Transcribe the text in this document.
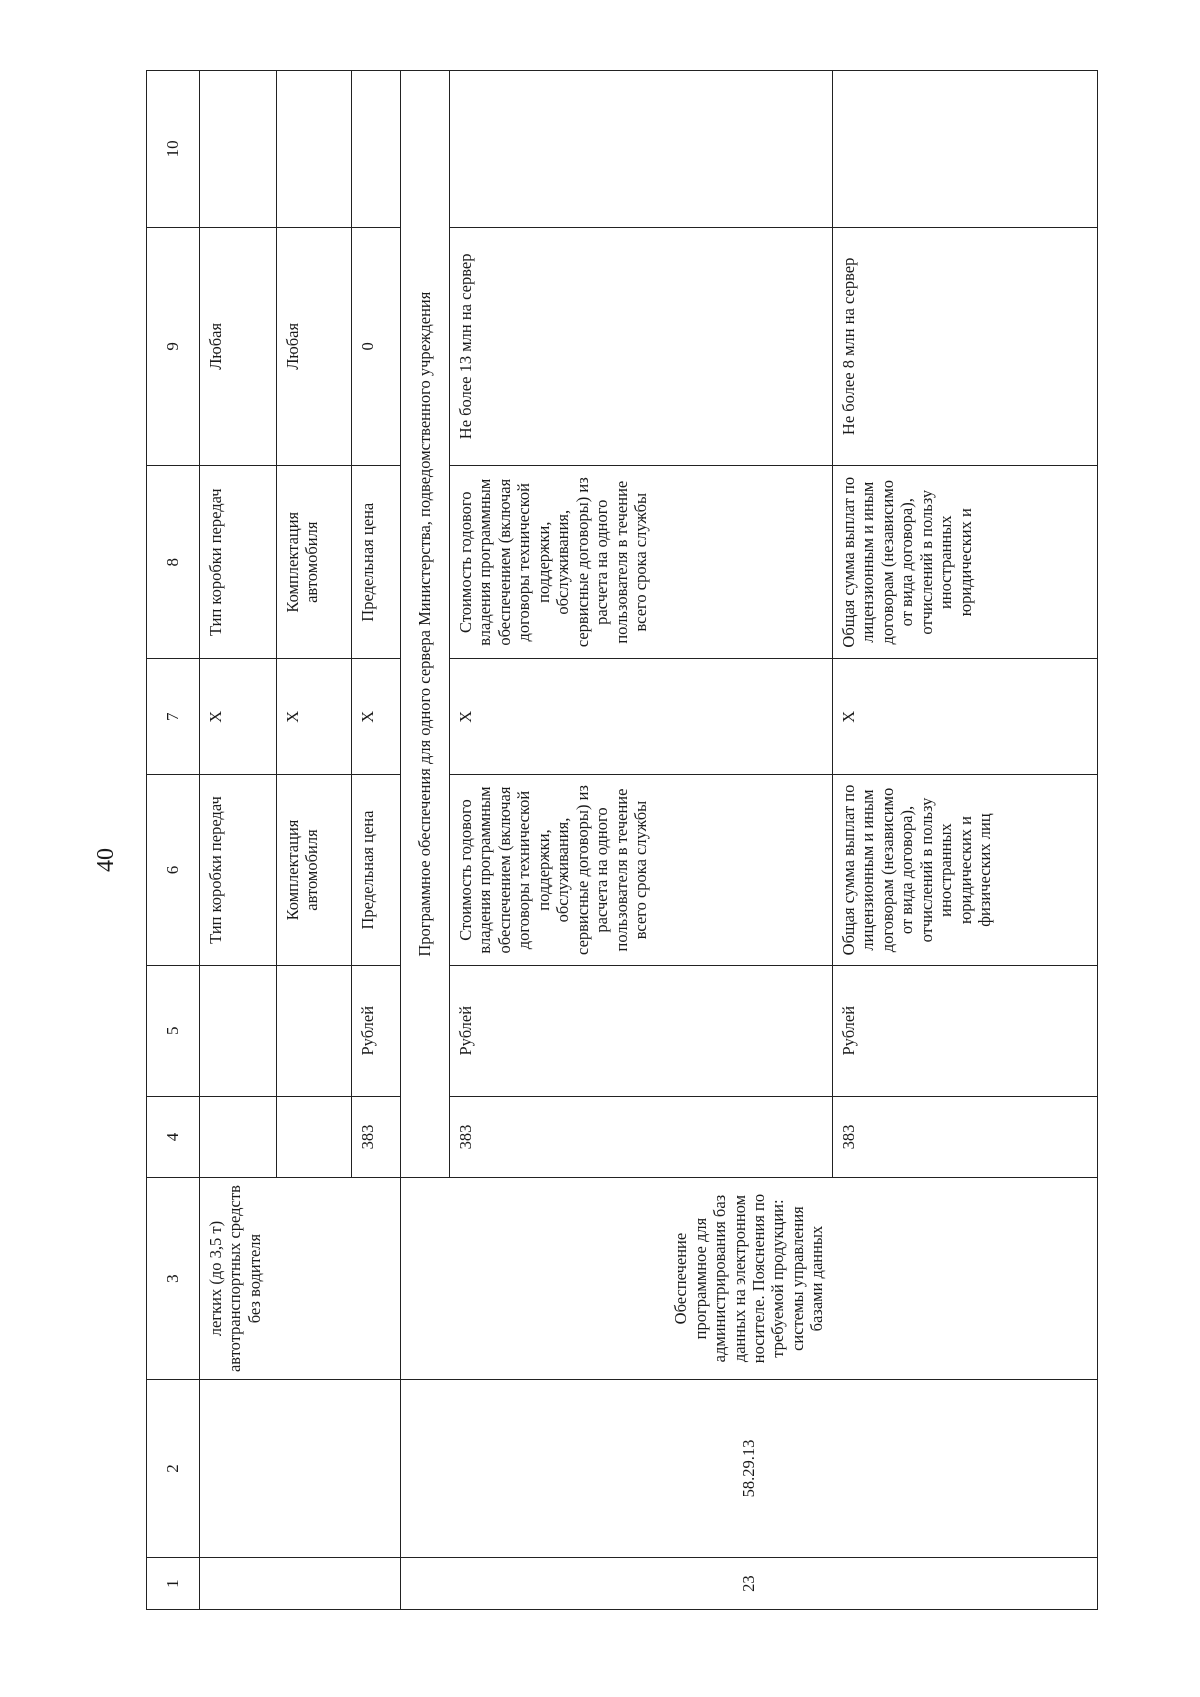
40
1	2	3	4	5	6	7	8	9	10
		легких (до 3,5 т) автотранспортных средств без водителя			Тип коробки передач	X	Тип коробки передач	Любая	
					Комплектация автомобиля	X	Комплектация автомобиля	Любая	
			383	Рублей	Предельная цена	X	Предельная цена	0	
23	58.29.13	Обеспечение программное для администрирования баз данных на электронном носителе. Пояснения по требуемой продукции: системы управления базами данных	Программное обеспечения для одного сервера Министерства, подведомственного учреждения						
			383	Рублей	Стоимость годового владения программным обеспечением (включая договоры технической поддержки, обслуживания, сервисные договоры) из расчета на одного пользователя в течение всего срока службы	X	Стоимость годового владения программным обеспечением (включая договоры технической поддержки, обслуживания, сервисные договоры) из расчета на одного пользователя в течение всего срока службы	Не более 13 млн на сервер	
			383	Рублей	Общая сумма выплат по лицензионным и иным договорам (независимо от вида договора), отчислений в пользу иностранных юридических и физических лиц	X	Общая сумма выплат по лицензионным и иным договорам (независимо от вида договора), отчислений в пользу иностранных юридических и	Не более 8 млн на сервер	
